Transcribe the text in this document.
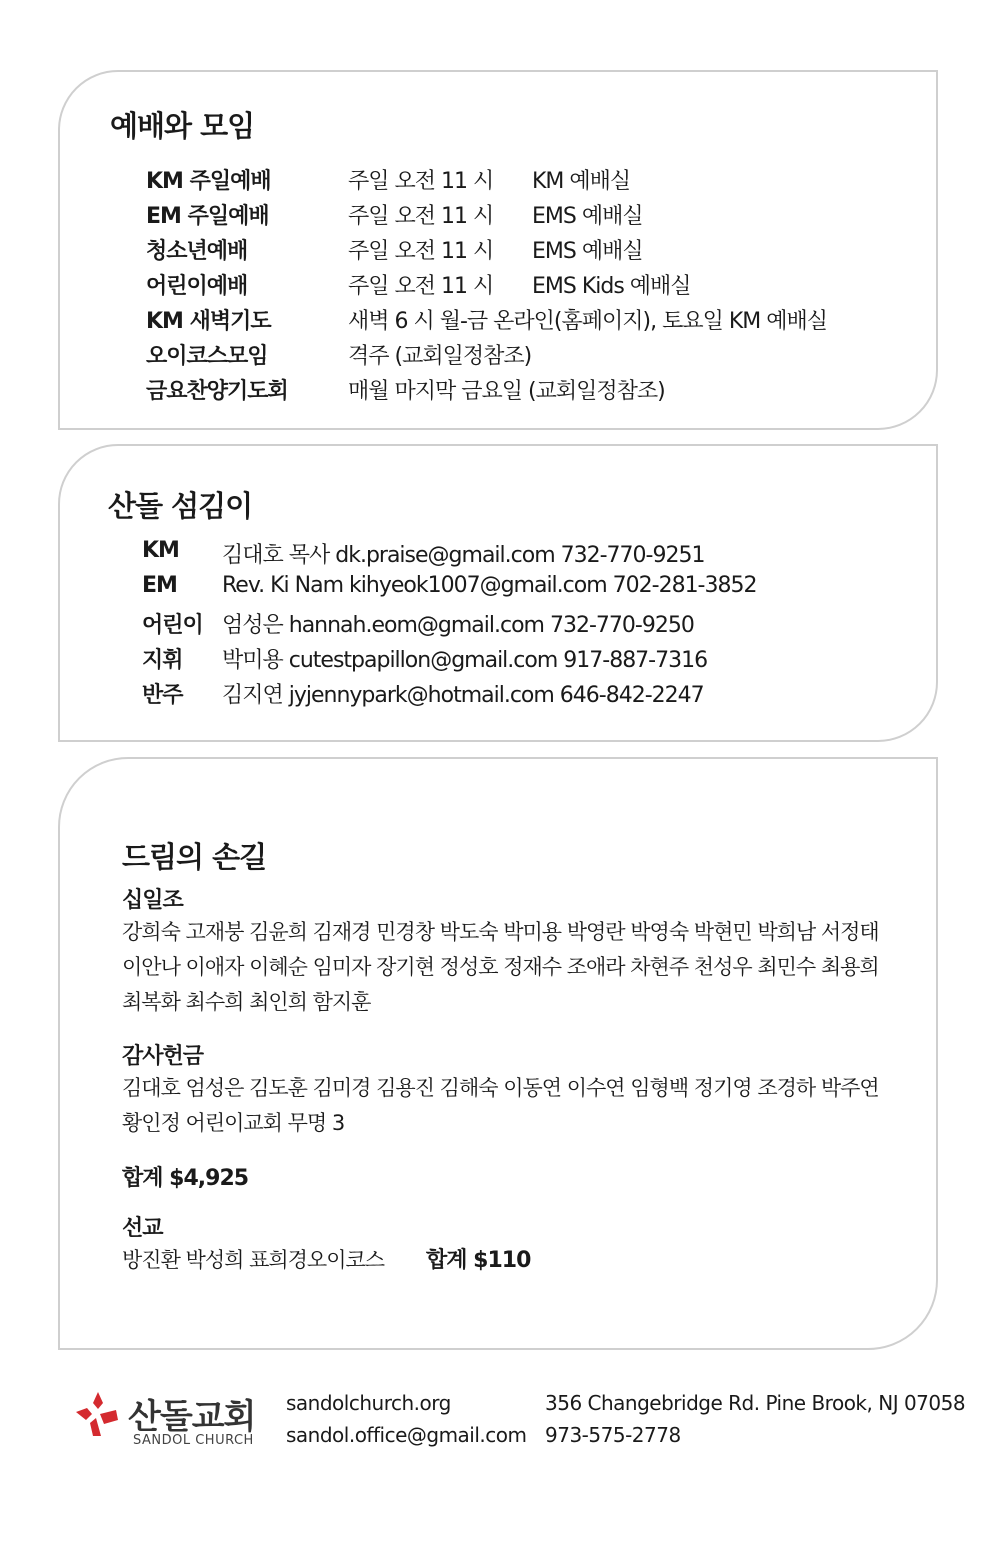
예배와 모임
KM 주일예배	주일 오전 11 시 KM 예배실
EM 주일예배	주일 오전 11 시 EMS 예배실
청소년예배	주일 오전 11 시 EMS 예배실
어린이예배	주일 오전 11 시 EMS Kids 예배실
KM 새벽기도	새벽 6 시 월-금 온라인(홈페이지), 토요일 KM 예배실
오이코스모임	격주 (교회일정참조)
금요찬양기도회	매월 마지막 금요일 (교회일정참조)
산돌 섬김이
KM 김대호 목사 dk.praise@gmail.com 732-770-9251
EM Rev. Ki Nam kihyeok1007@gmail.com 702-281-3852
어린이 엄성은 hannah.eom@gmail.com 732-770-9250
지휘 박미용 cutestpapillon@gmail.com 917-887-7316
반주 김지연 jyjennypark@hotmail.com 646-842-2247
드림의 손길
십일조
강희숙 고재붕 김윤희 김재경 민경창 박도숙 박미용 박영란 박영숙 박현민 박희남 서정태 이안나 이애자 이혜순 임미자 장기현 정성호 정재수 조애라 차현주 천성우 최민수 최용희 최복화 최수희 최인희 함지훈
감사헌금
김대호 엄성은 김도훈 김미경 김용진 김해숙 이동연 이수연 임형백 정기영 조경하 박주연 황인정 어린이교회 무명 3
합계 $4,925
선교
방진환 박성희 표희경오이코스 합계 $110
산돌교회
SANDOL CHURCH
sandolchurch.org
sandol.office@gmail.com
356 Changebridge Rd. Pine Brook, NJ 07058
973-575-2778
